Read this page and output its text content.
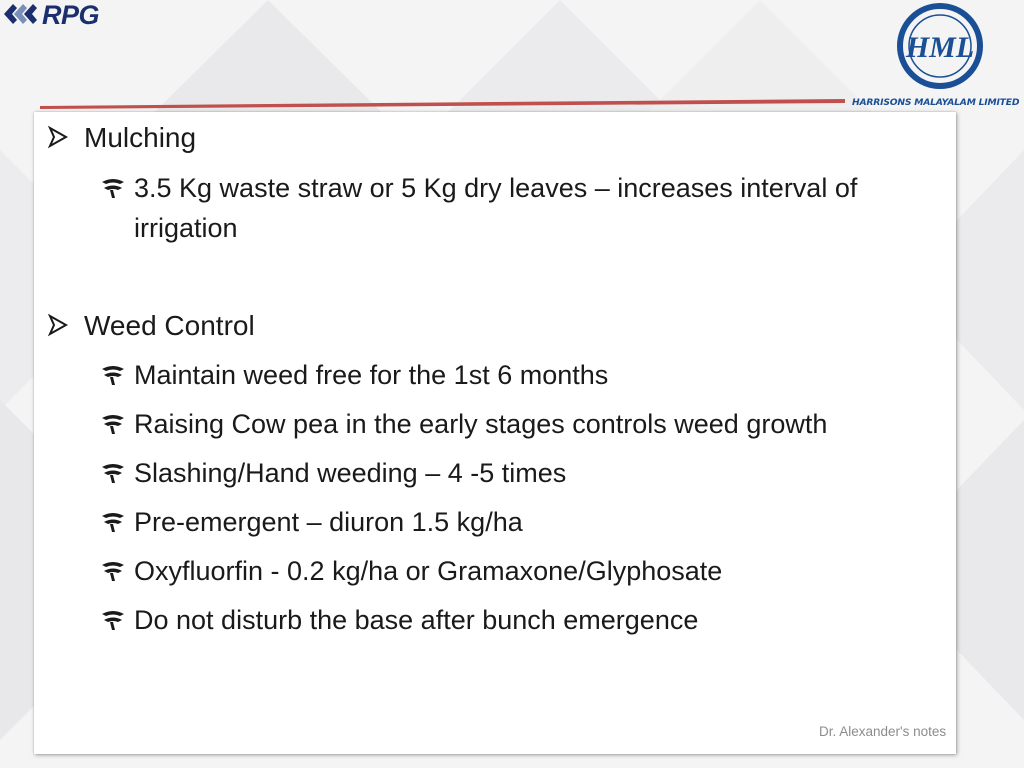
RPG
HML
HARRISONS MALAYALAM LIMITED
Mulching
3.5 Kg waste straw or 5 Kg dry leaves – increases interval of irrigation
Weed Control
Maintain weed free for the 1st 6 months
Raising Cow pea in the early stages controls weed growth
Slashing/Hand weeding – 4 -5 times
Pre-emergent – diuron 1.5 kg/ha
Oxyfluorfin - 0.2 kg/ha or Gramaxone/Glyphosate
Do not disturb the base after bunch emergence
Dr. Alexander's notes
